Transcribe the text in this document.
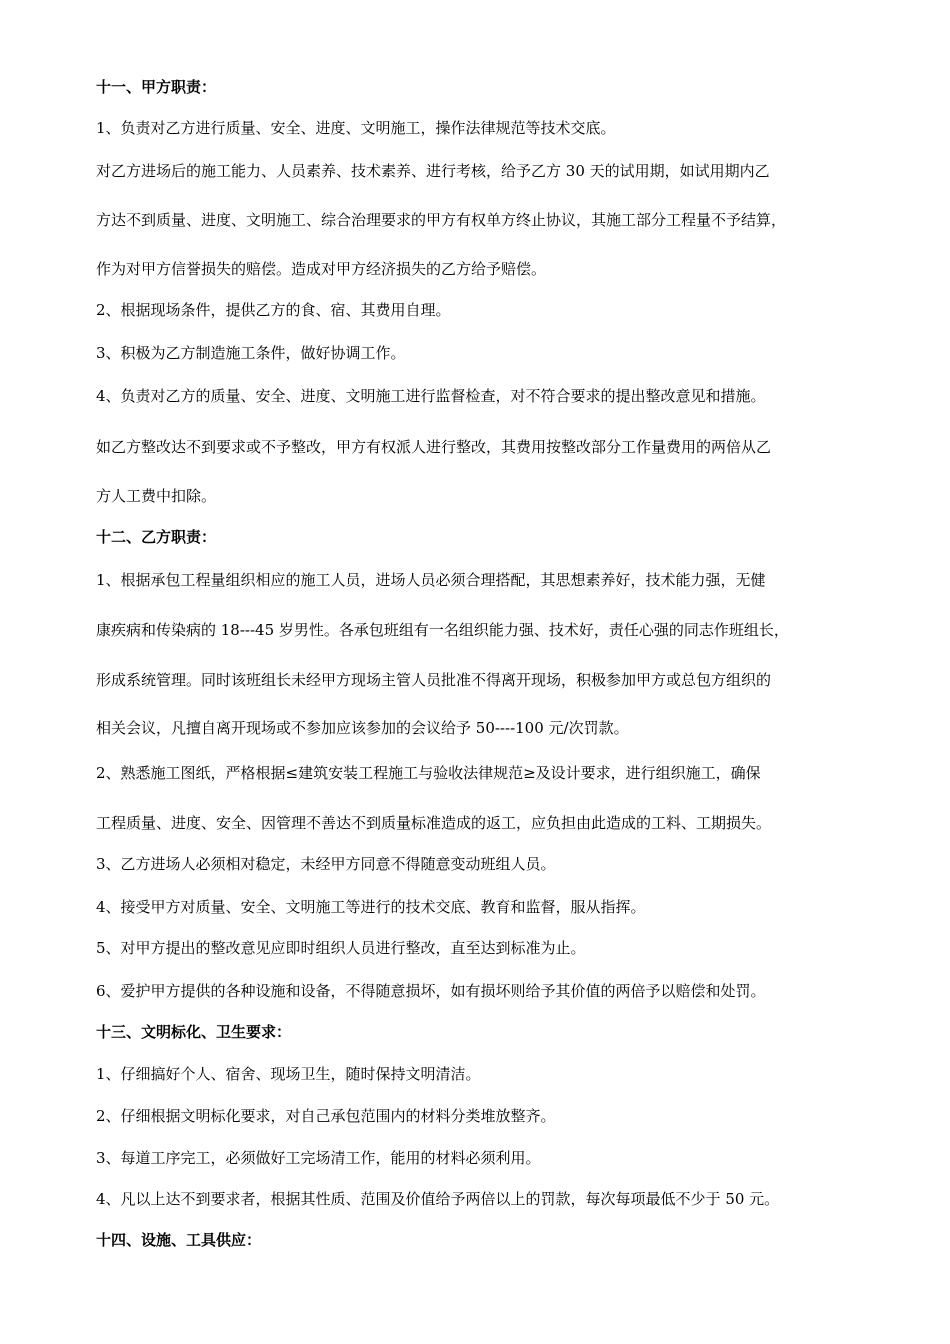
十一、甲方职责：
1、负责对乙方进行质量、安全、进度、文明施工，操作法律规范等技术交底。
对乙方进场后的施工能力、人员素养、技术素养、进行考核，给予乙方 30 天的试用期，如试用期内乙
方达不到质量、进度、文明施工、综合治理要求的甲方有权单方终止协议，其施工部分工程量不予结算，
作为对甲方信誉损失的赔偿。造成对甲方经济损失的乙方给予赔偿。
2、根据现场条件，提供乙方的食、宿、其费用自理。
3、积极为乙方制造施工条件，做好协调工作。
4、负责对乙方的质量、安全、进度、文明施工进行监督检查，对不符合要求的提出整改意见和措施。
如乙方整改达不到要求或不予整改，甲方有权派人进行整改，其费用按整改部分工作量费用的两倍从乙
方人工费中扣除。
十二、乙方职责：
1、根据承包工程量组织相应的施工人员，进场人员必须合理搭配，其思想素养好，技术能力强，无健
康疾病和传染病的 18---45 岁男性。各承包班组有一名组织能力强、技术好，责任心强的同志作班组长，
形成系统管理。同时该班组长未经甲方现场主管人员批准不得离开现场，积极参加甲方或总包方组织的
相关会议，凡擅自离开现场或不参加应该参加的会议给予 50----100 元/次罚款。
2、熟悉施工图纸，严格根据≤建筑安装工程施工与验收法律规范≥及设计要求，进行组织施工，确保
工程质量、进度、安全、因管理不善达不到质量标准造成的返工，应负担由此造成的工料、工期损失。
3、乙方进场人必须相对稳定，未经甲方同意不得随意变动班组人员。
4、接受甲方对质量、安全、文明施工等进行的技术交底、教育和监督，服从指挥。
5、对甲方提出的整改意见应即时组织人员进行整改，直至达到标准为止。
6、爱护甲方提供的各种设施和设备，不得随意损坏，如有损坏则给予其价值的两倍予以赔偿和处罚。
十三、文明标化、卫生要求：
1、仔细搞好个人、宿舍、现场卫生，随时保持文明清洁。
2、仔细根据文明标化要求，对自己承包范围内的材料分类堆放整齐。
3、每道工序完工，必须做好工完场清工作，能用的材料必须利用。
4、凡以上达不到要求者，根据其性质、范围及价值给予两倍以上的罚款，每次每项最低不少于 50 元。
十四、设施、工具供应：
